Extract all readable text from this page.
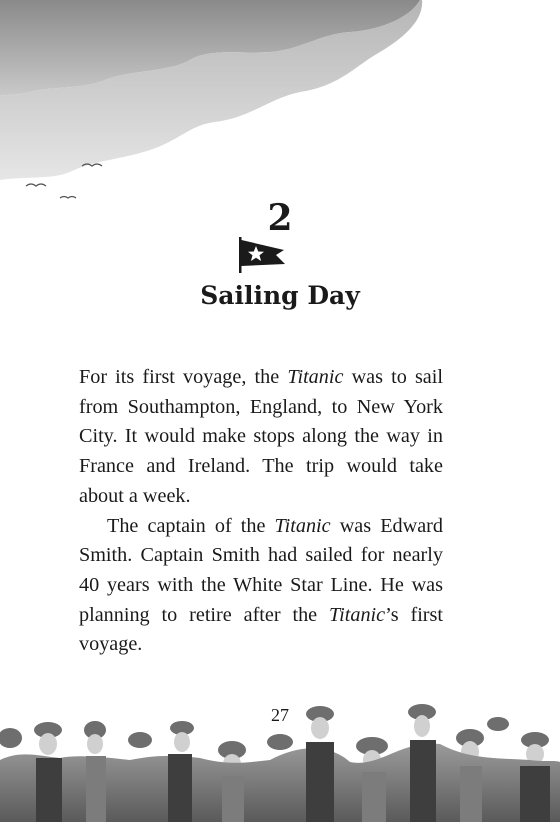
2
Sailing Day

For its first voyage, the Titanic was to sail from Southampton, England, to New York City. It would make stops along the way in France and Ireland. The trip would take about a week.

The captain of the Titanic was Edward Smith. Captain Smith had sailed for nearly 40 years with the White Star Line. He was planning to retire after the Titanic’s first voyage.

27
